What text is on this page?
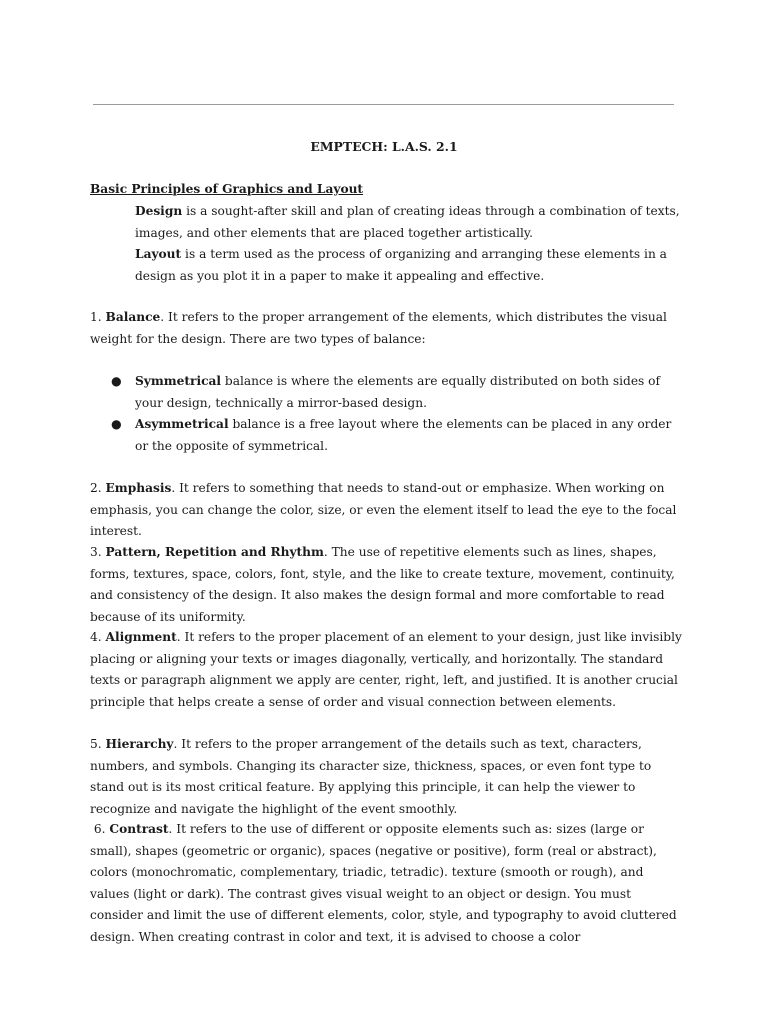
EMPTECH: L.A.S. 2.1

Basic Principles of Graphics and Layout

Design is a sought-after skill and plan of creating ideas through a combination of texts, images, and other elements that are placed together artistically.

Layout is a term used as the process of organizing and arranging these elements in a design as you plot it in a paper to make it appealing and effective.

1. Balance. It refers to the proper arrangement of the elements, which distributes the visual weight for the design. There are two types of balance:

● Symmetrical balance is where the elements are equally distributed on both sides of your design, technically a mirror-based design.
● Asymmetrical balance is a free layout where the elements can be placed in any order or the opposite of symmetrical.

2. Emphasis. It refers to something that needs to stand-out or emphasize. When working on emphasis, you can change the color, size, or even the element itself to lead the eye to the focal interest.

3. Pattern, Repetition and Rhythm. The use of repetitive elements such as lines, shapes, forms, textures, space, colors, font, style, and the like to create texture, movement, continuity, and consistency of the design. It also makes the design formal and more comfortable to read because of its uniformity.

4. Alignment. It refers to the proper placement of an element to your design, just like invisibly placing or aligning your texts or images diagonally, vertically, and horizontally. The standard texts or paragraph alignment we apply are center, right, left, and justified. It is another crucial principle that helps create a sense of order and visual connection between elements.

5. Hierarchy. It refers to the proper arrangement of the details such as text, characters, numbers, and symbols. Changing its character size, thickness, spaces, or even font type to stand out is its most critical feature. By applying this principle, it can help the viewer to recognize and navigate the highlight of the event smoothly.

6. Contrast. It refers to the use of different or opposite elements such as: sizes (large or small), shapes (geometric or organic), spaces (negative or positive), form (real or abstract), colors (monochromatic, complementary, triadic, tetradic). texture (smooth or rough), and values (light or dark). The contrast gives visual weight to an object or design. You must consider and limit the use of different elements, color, style, and typography to avoid cluttered design. When creating contrast in color and text, it is advised to choose a color
